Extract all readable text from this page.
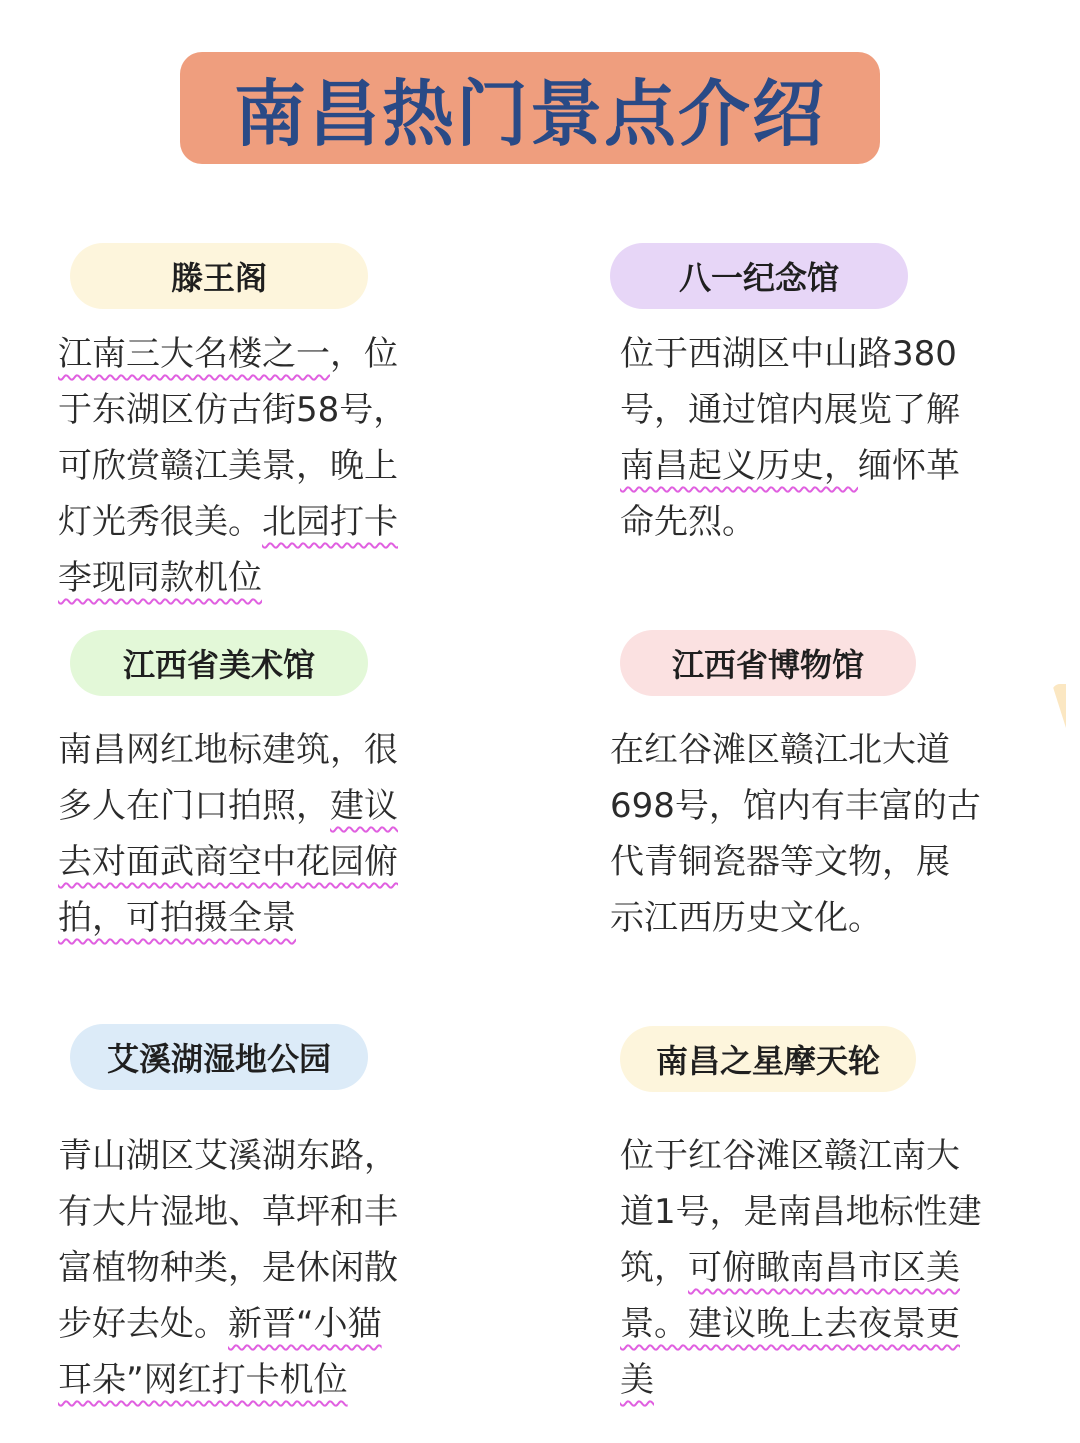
南昌热门景点介绍
滕王阁
江南三大名楼之一，位
于东湖区仿古街58号，
可欣赏赣江美景，晚上
灯光秀很美。北园打卡
李现同款机位
八一纪念馆
位于西湖区中山路380
号，通过馆内展览了解
南昌起义历史，缅怀革
命先烈。
江西省美术馆
南昌网红地标建筑，很
多人在门口拍照，建议
去对面武商空中花园俯
拍，可拍摄全景
江西省博物馆
在红谷滩区赣江北大道
698号，馆内有丰富的古
代青铜瓷器等文物，展
示江西历史文化。
艾溪湖湿地公园
青山湖区艾溪湖东路，
有大片湿地、草坪和丰
富植物种类，是休闲散
步好去处。新晋“小猫
耳朵”网红打卡机位
南昌之星摩天轮
位于红谷滩区赣江南大
道1号，是南昌地标性建
筑，可俯瞰南昌市区美
景。建议晚上去夜景更
美
